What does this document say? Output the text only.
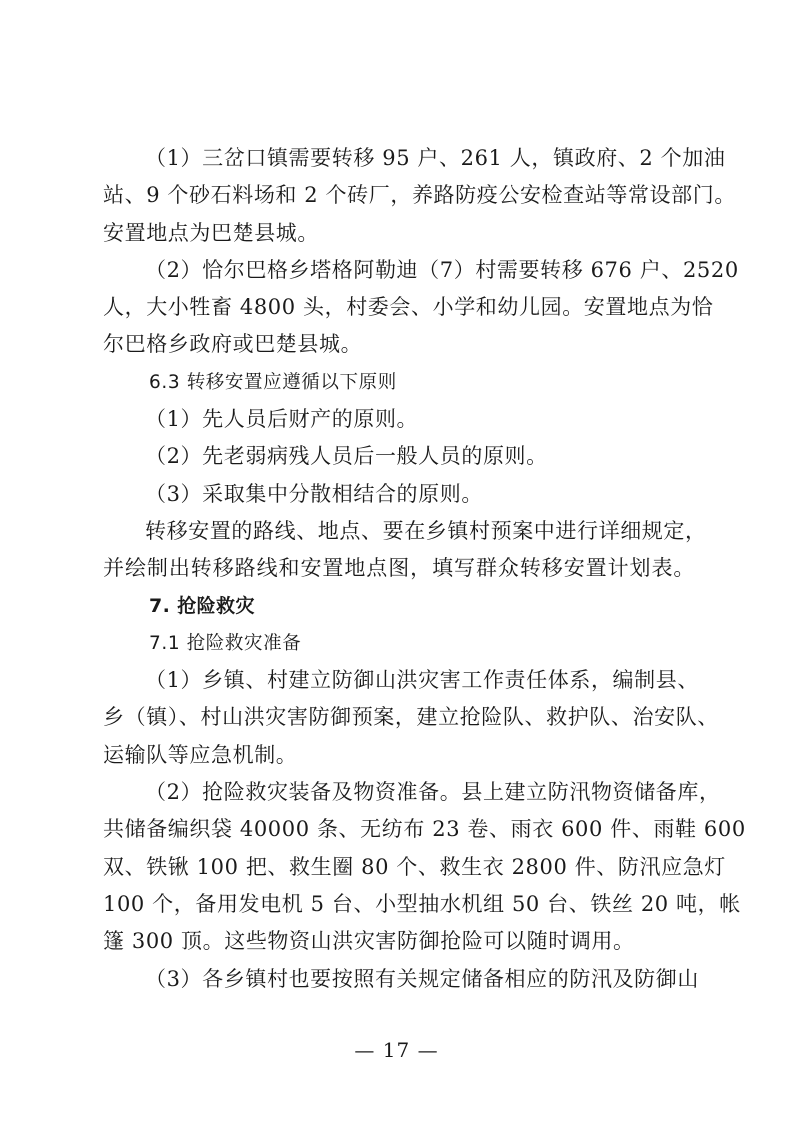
（1）三岔口镇需要转移 95 户、261 人，镇政府、2 个加油
站、9 个砂石料场和 2 个砖厂，养路防疫公安检查站等常设部门。
安置地点为巴楚县城。
（2）恰尔巴格乡塔格阿勒迪（7）村需要转移 676 户、2520
人，大小牲畜 4800 头，村委会、小学和幼儿园。安置地点为恰
尔巴格乡政府或巴楚县城。
6.3 转移安置应遵循以下原则
（1）先人员后财产的原则。
（2）先老弱病残人员后一般人员的原则。
（3）采取集中分散相结合的原则。
转移安置的路线、地点、要在乡镇村预案中进行详细规定，
并绘制出转移路线和安置地点图，填写群众转移安置计划表。
7. 抢险救灾
7.1 抢险救灾准备
（1）乡镇、村建立防御山洪灾害工作责任体系，编制县、
乡（镇）、村山洪灾害防御预案，建立抢险队、救护队、治安队、
运输队等应急机制。
（2）抢险救灾装备及物资准备。县上建立防汛物资储备库，
共储备编织袋 40000 条、无纺布 23 卷、雨衣 600 件、雨鞋 600
双、铁锹 100 把、救生圈 80 个、救生衣 2800 件、防汛应急灯
100 个，备用发电机 5 台、小型抽水机组 50 台、铁丝 20 吨，帐
篷 300 顶。这些物资山洪灾害防御抢险可以随时调用。
（3）各乡镇村也要按照有关规定储备相应的防汛及防御山
— 17 —
